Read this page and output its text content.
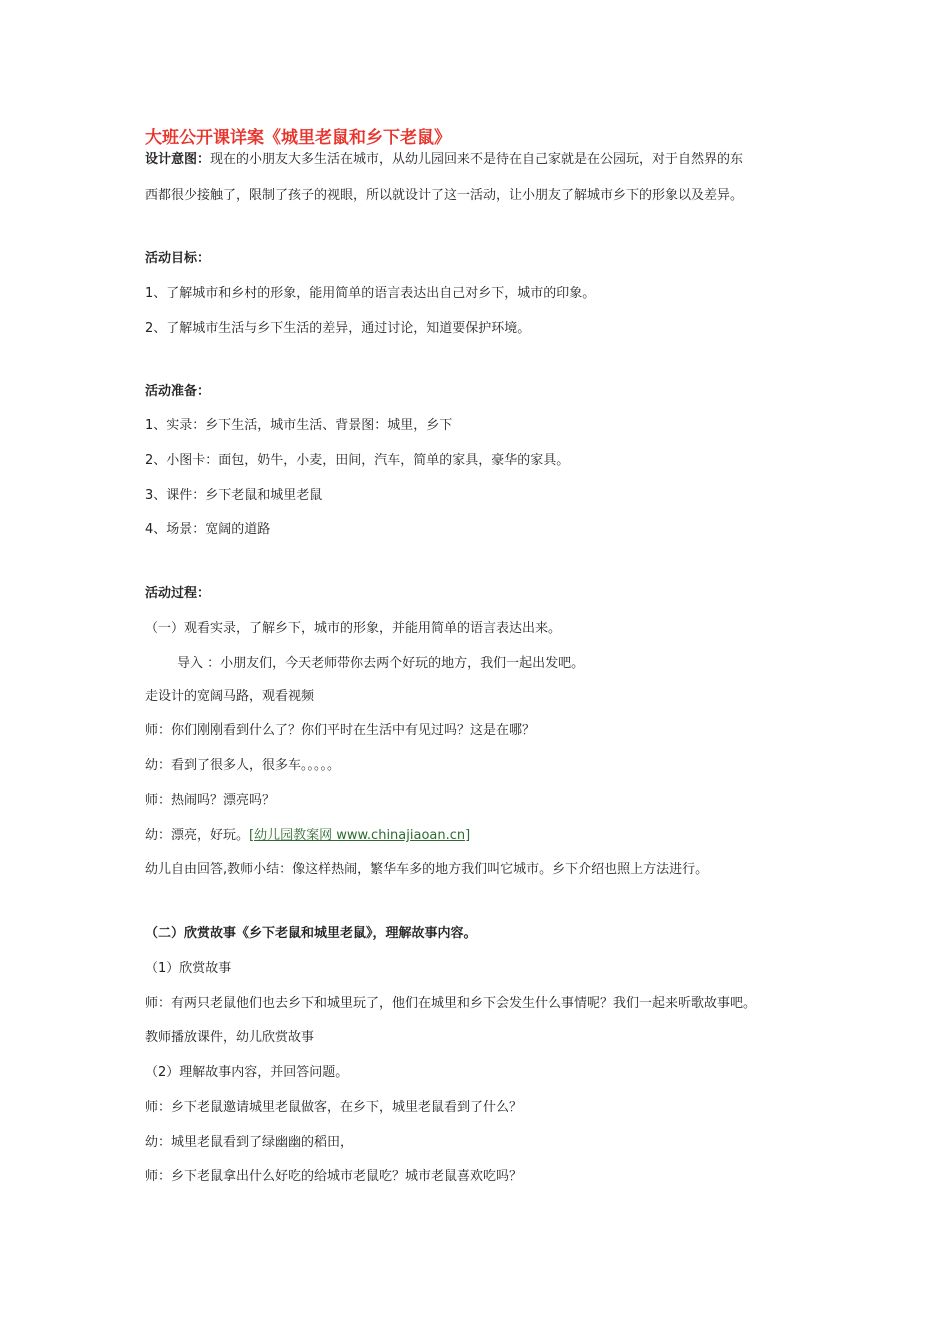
大班公开课详案《城里老鼠和乡下老鼠》
设计意图：现在的小朋友大多生活在城市，从幼儿园回来不是待在自己家就是在公园玩，对于自然界的东
西都很少接触了，限制了孩子的视眼，所以就设计了这一活动，让小朋友了解城市乡下的形象以及差异。
活动目标：
1、了解城市和乡村的形象，能用简单的语言表达出自己对乡下，城市的印象。
2、了解城市生活与乡下生活的差异，通过讨论，知道要保护环境。
活动准备：
1、实录：乡下生活，城市生活、背景图：城里，乡下
2、小图卡：面包，奶牛，小麦，田间，汽车，简单的家具，豪华的家具。
3、课件：乡下老鼠和城里老鼠
4、场景：宽阔的道路
活动过程：
（一）观看实录，了解乡下，城市的形象，并能用简单的语言表达出来。
导入 ：小朋友们，今天老师带你去两个好玩的地方，我们一起出发吧。
走设计的宽阔马路，观看视频
师：你们刚刚看到什么了？你们平时在生活中有见过吗？这是在哪？
幼：看到了很多人，很多车。。。。。
师：热闹吗？漂亮吗？
幼：漂亮，好玩。[幼儿园教案网 www.chinajiaoan.cn]
幼儿自由回答,教师小结：像这样热闹，繁华车多的地方我们叫它城市。乡下介绍也照上方法进行。
（二）欣赏故事《乡下老鼠和城里老鼠》，理解故事内容。
（1）欣赏故事
师：有两只老鼠他们也去乡下和城里玩了，他们在城里和乡下会发生什么事情呢？我们一起来听歌故事吧。
教师播放课件，幼儿欣赏故事
（2）理解故事内容，并回答问题。
师：乡下老鼠邀请城里老鼠做客，在乡下，城里老鼠看到了什么？
幼：城里老鼠看到了绿幽幽的稻田，
师：乡下老鼠拿出什么好吃的给城市老鼠吃？城市老鼠喜欢吃吗？
